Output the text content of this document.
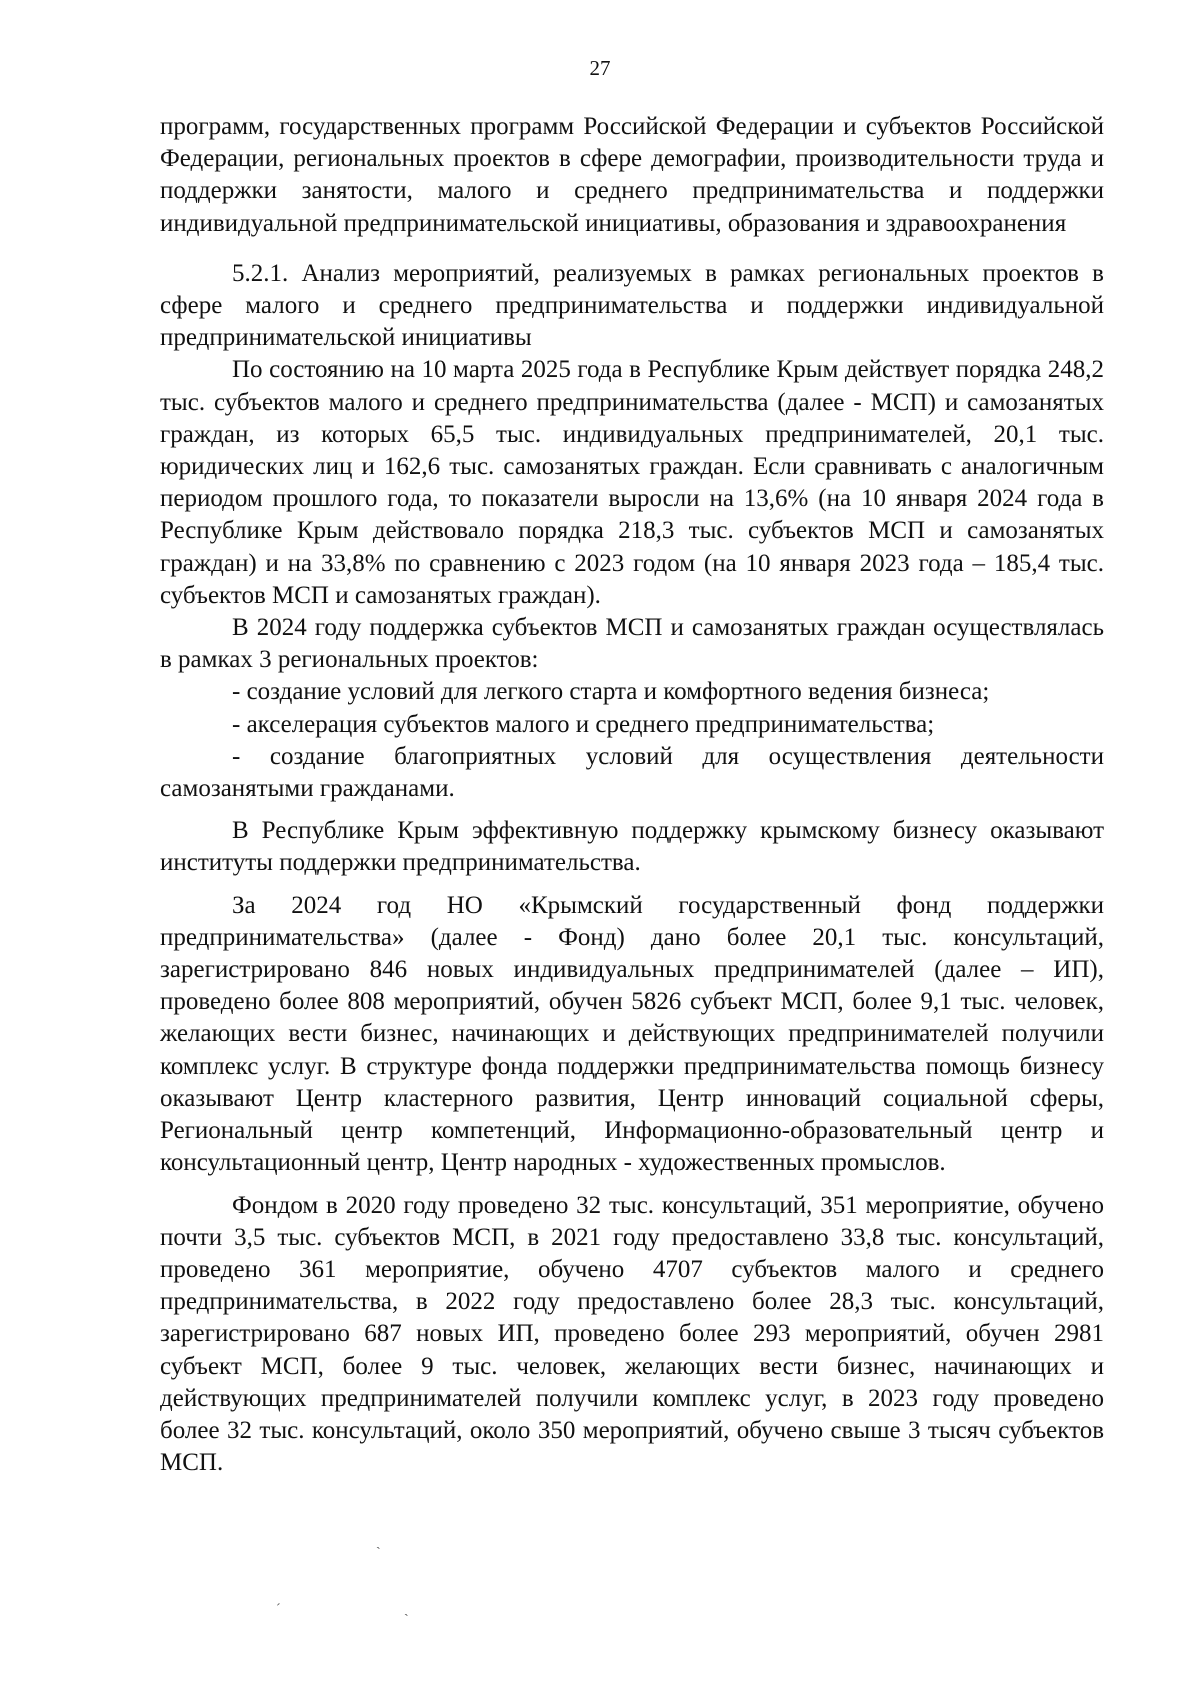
27

программ, государственных программ Российской Федерации и субъектов Российской Федерации, региональных проектов в сфере демографии, производительности труда и поддержки занятости, малого и среднего предпринимательства и поддержки индивидуальной предпринимательской инициативы, образования и здравоохранения

5.2.1. Анализ мероприятий, реализуемых в рамках региональных проектов в сфере малого и среднего предпринимательства и поддержки индивидуальной предпринимательской инициативы

По состоянию на 10 марта 2025 года в Республике Крым действует порядка 248,2 тыс. субъектов малого и среднего предпринимательства (далее - МСП) и самозанятых граждан, из которых 65,5 тыс. индивидуальных предпринимателей, 20,1 тыс. юридических лиц и 162,6 тыс. самозанятых граждан. Если сравнивать с аналогичным периодом прошлого года, то показатели выросли на 13,6% (на 10 января 2024 года в Республике Крым действовало порядка 218,3 тыс. субъектов МСП и самозанятых граждан) и на 33,8% по сравнению с 2023 годом (на 10 января 2023 года – 185,4 тыс. субъектов МСП и самозанятых граждан).

В 2024 году поддержка субъектов МСП и самозанятых граждан осуществлялась в рамках 3 региональных проектов:

- создание условий для легкого старта и комфортного ведения бизнеса;

- акселерация субъектов малого и среднего предпринимательства;

- создание благоприятных условий для осуществления деятельности самозанятыми гражданами.

В Республике Крым эффективную поддержку крымскому бизнесу оказывают институты поддержки предпринимательства.

За 2024 год НО «Крымский государственный фонд поддержки предпринимательства» (далее - Фонд) дано более 20,1 тыс. консультаций, зарегистрировано 846 новых индивидуальных предпринимателей (далее – ИП), проведено более 808 мероприятий, обучен 5826 субъект МСП, более 9,1 тыс. человек, желающих вести бизнес, начинающих и действующих предпринимателей получили комплекс услуг. В структуре фонда поддержки предпринимательства помощь бизнесу оказывают Центр кластерного развития, Центр инноваций социальной сферы, Региональный центр компетенций, Информационно-образовательный центр и консультационный центр, Центр народных - художественных промыслов.

Фондом в 2020 году проведено 32 тыс. консультаций, 351 мероприятие, обучено почти 3,5 тыс. субъектов МСП, в 2021 году предоставлено 33,8 тыс. консультаций, проведено 361 мероприятие, обучено 4707 субъектов малого и среднего предпринимательства, в 2022 году предоставлено более 28,3 тыс. консультаций, зарегистрировано 687 новых ИП, проведено более 293 мероприятий, обучен 2981 субъект МСП, более 9 тыс. человек, желающих вести бизнес, начинающих и действующих предпринимателей получили комплекс услуг, в 2023 году проведено более 32 тыс. консультаций, около 350 мероприятий, обучено свыше 3 тысяч субъектов МСП.

ˏ
ˊ	ˎ
